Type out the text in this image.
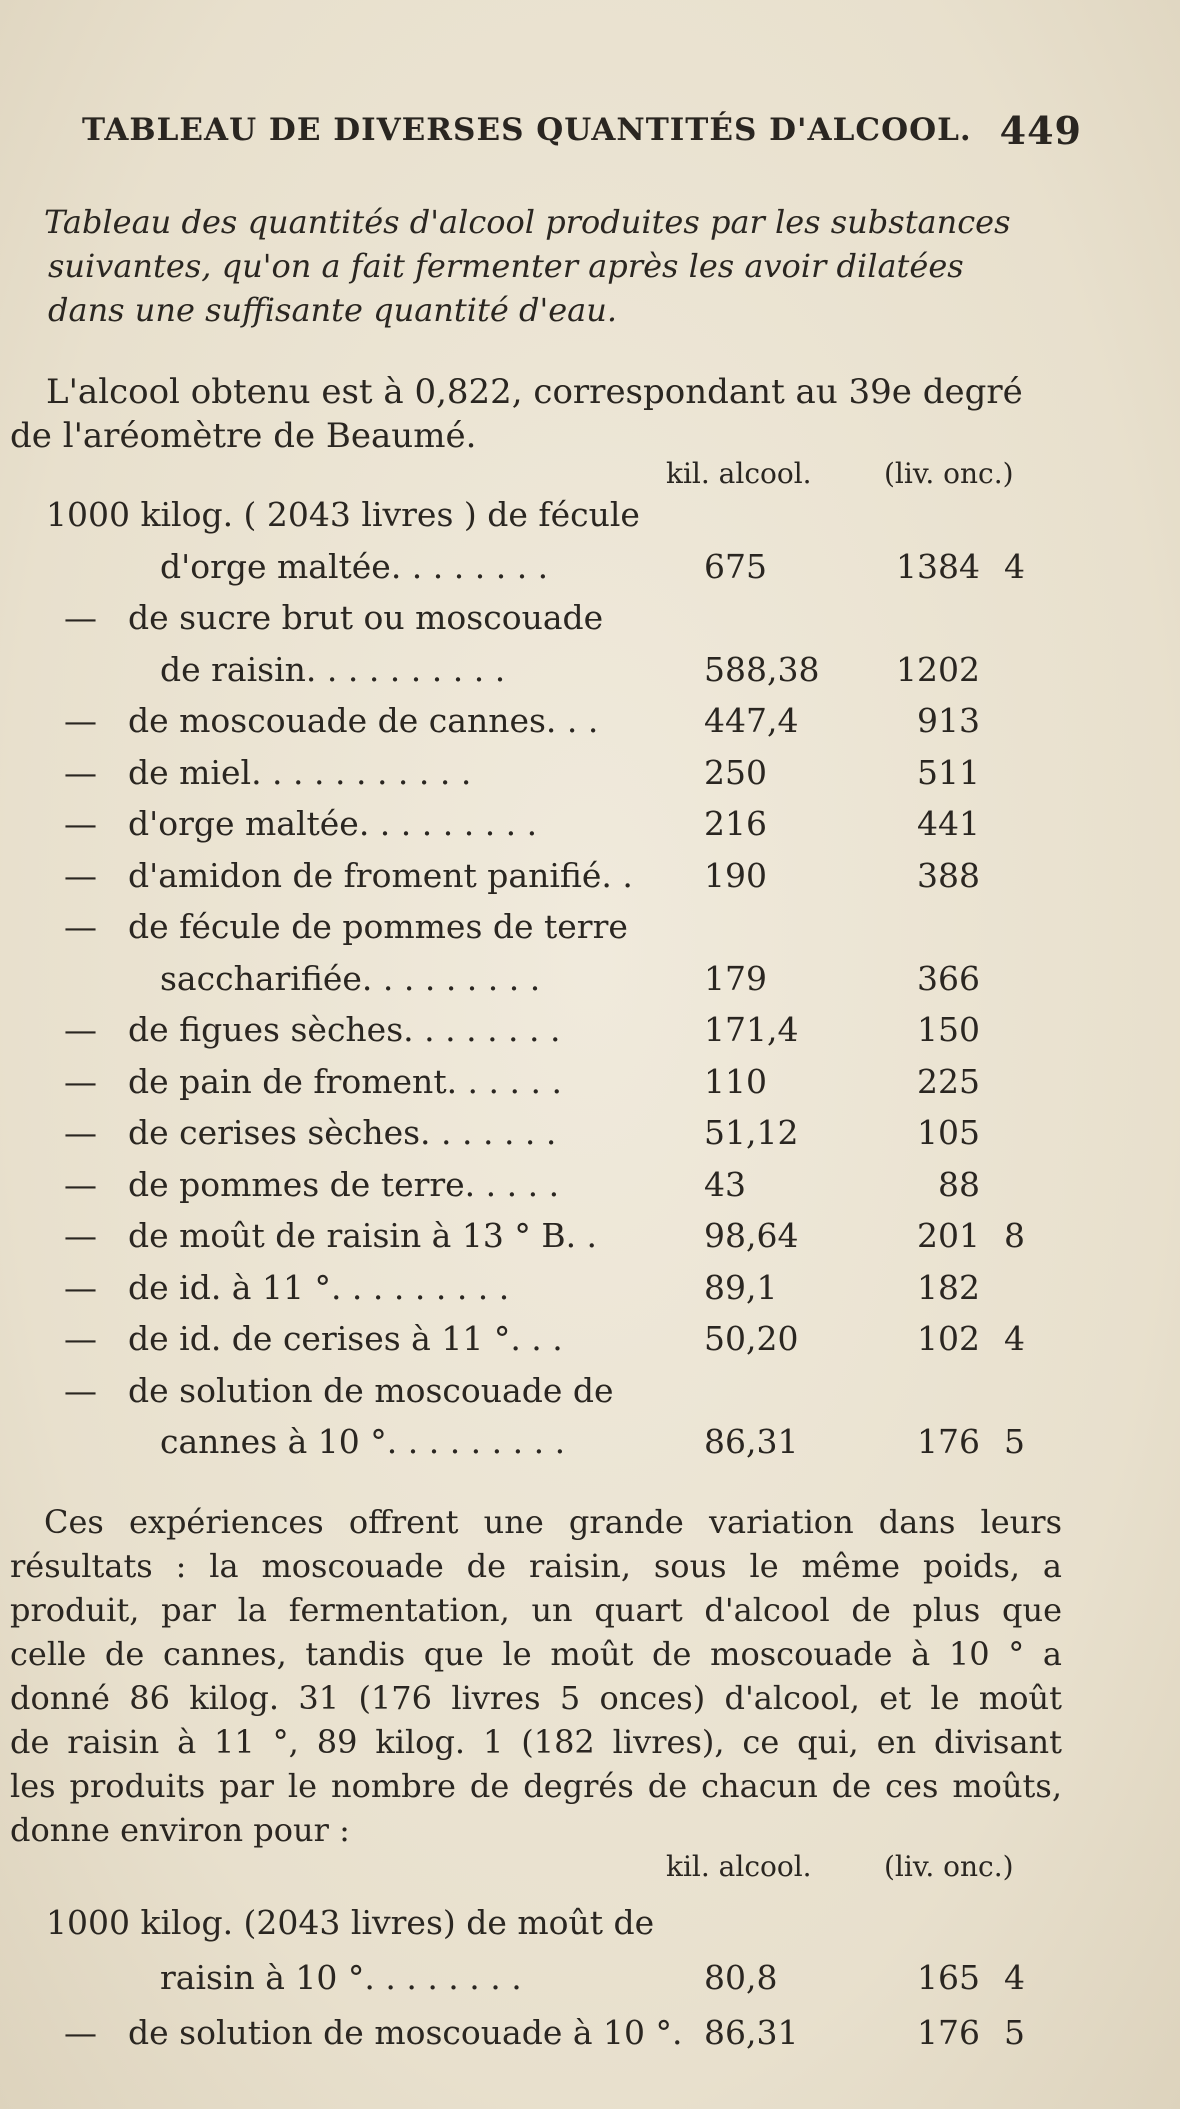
TABLEAU DE DIVERSES QUANTITÉS D'ALCOOL. 449
Tableau des quantités d'alcool produites par les substances
suivantes, qu'on a fait fermenter après les avoir dilatées
dans une suffisante quantité d'eau.
L'alcool obtenu est à 0,822, correspondant au 39e degré
de l'aréomètre de Beaumé.
kil. alcool.	(liv. onc.)
1000 kilog. ( 2043 livres ) de fécule
d'orge maltée. . . . . . . .	675	1384 4
— de sucre brut ou moscouade
de raisin. . . . . . . . . .	588,38	1202
— de moscouade de cannes. . .	447,4	913
— de miel. . . . . . . . . . .	250	511
— d'orge maltée. . . . . . . . .	216	441
— d'amidon de froment panifié. . 190	388
— de fécule de pommes de terre
saccharifiée. . . . . . . . .	179	366
— de figues sèches. . . . . . . .	171,4	150
— de pain de froment. . . . . .	110	225
— de cerises sèches. . . . . . .	51,12	105
— de pommes de terre. . . . .	43	88
— de moût de raisin à 13 ° B. .	98,64	201 8
— de id. à 11 °. . . . . . . . .	89,1	182
— de id. de cerises à 11 °. . .	50,20	102 4
— de solution de moscouade de
cannes à 10 °. . . . . . . . .	86,31	176 5
Ces expériences offrent une grande variation dans leurs
résultats : la moscouade de raisin, sous le même poids, a
produit, par la fermentation, un quart d'alcool de plus que
celle de cannes, tandis que le moût de moscouade à 10 ° a
donné 86 kilog. 31 (176 livres 5 onces) d'alcool, et le moût
de raisin à 11 °, 89 kilog. 1 (182 livres), ce qui, en divisant
les produits par le nombre de degrés de chacun de ces moûts,
donne environ pour :
kil. alcool.	(liv. onc.)
1000 kilog. (2043 livres) de moût de
raisin à 10 °. . . . . . . .	80,8	165 4
— de solution de moscouade à 10 °. 86,31	176 5
